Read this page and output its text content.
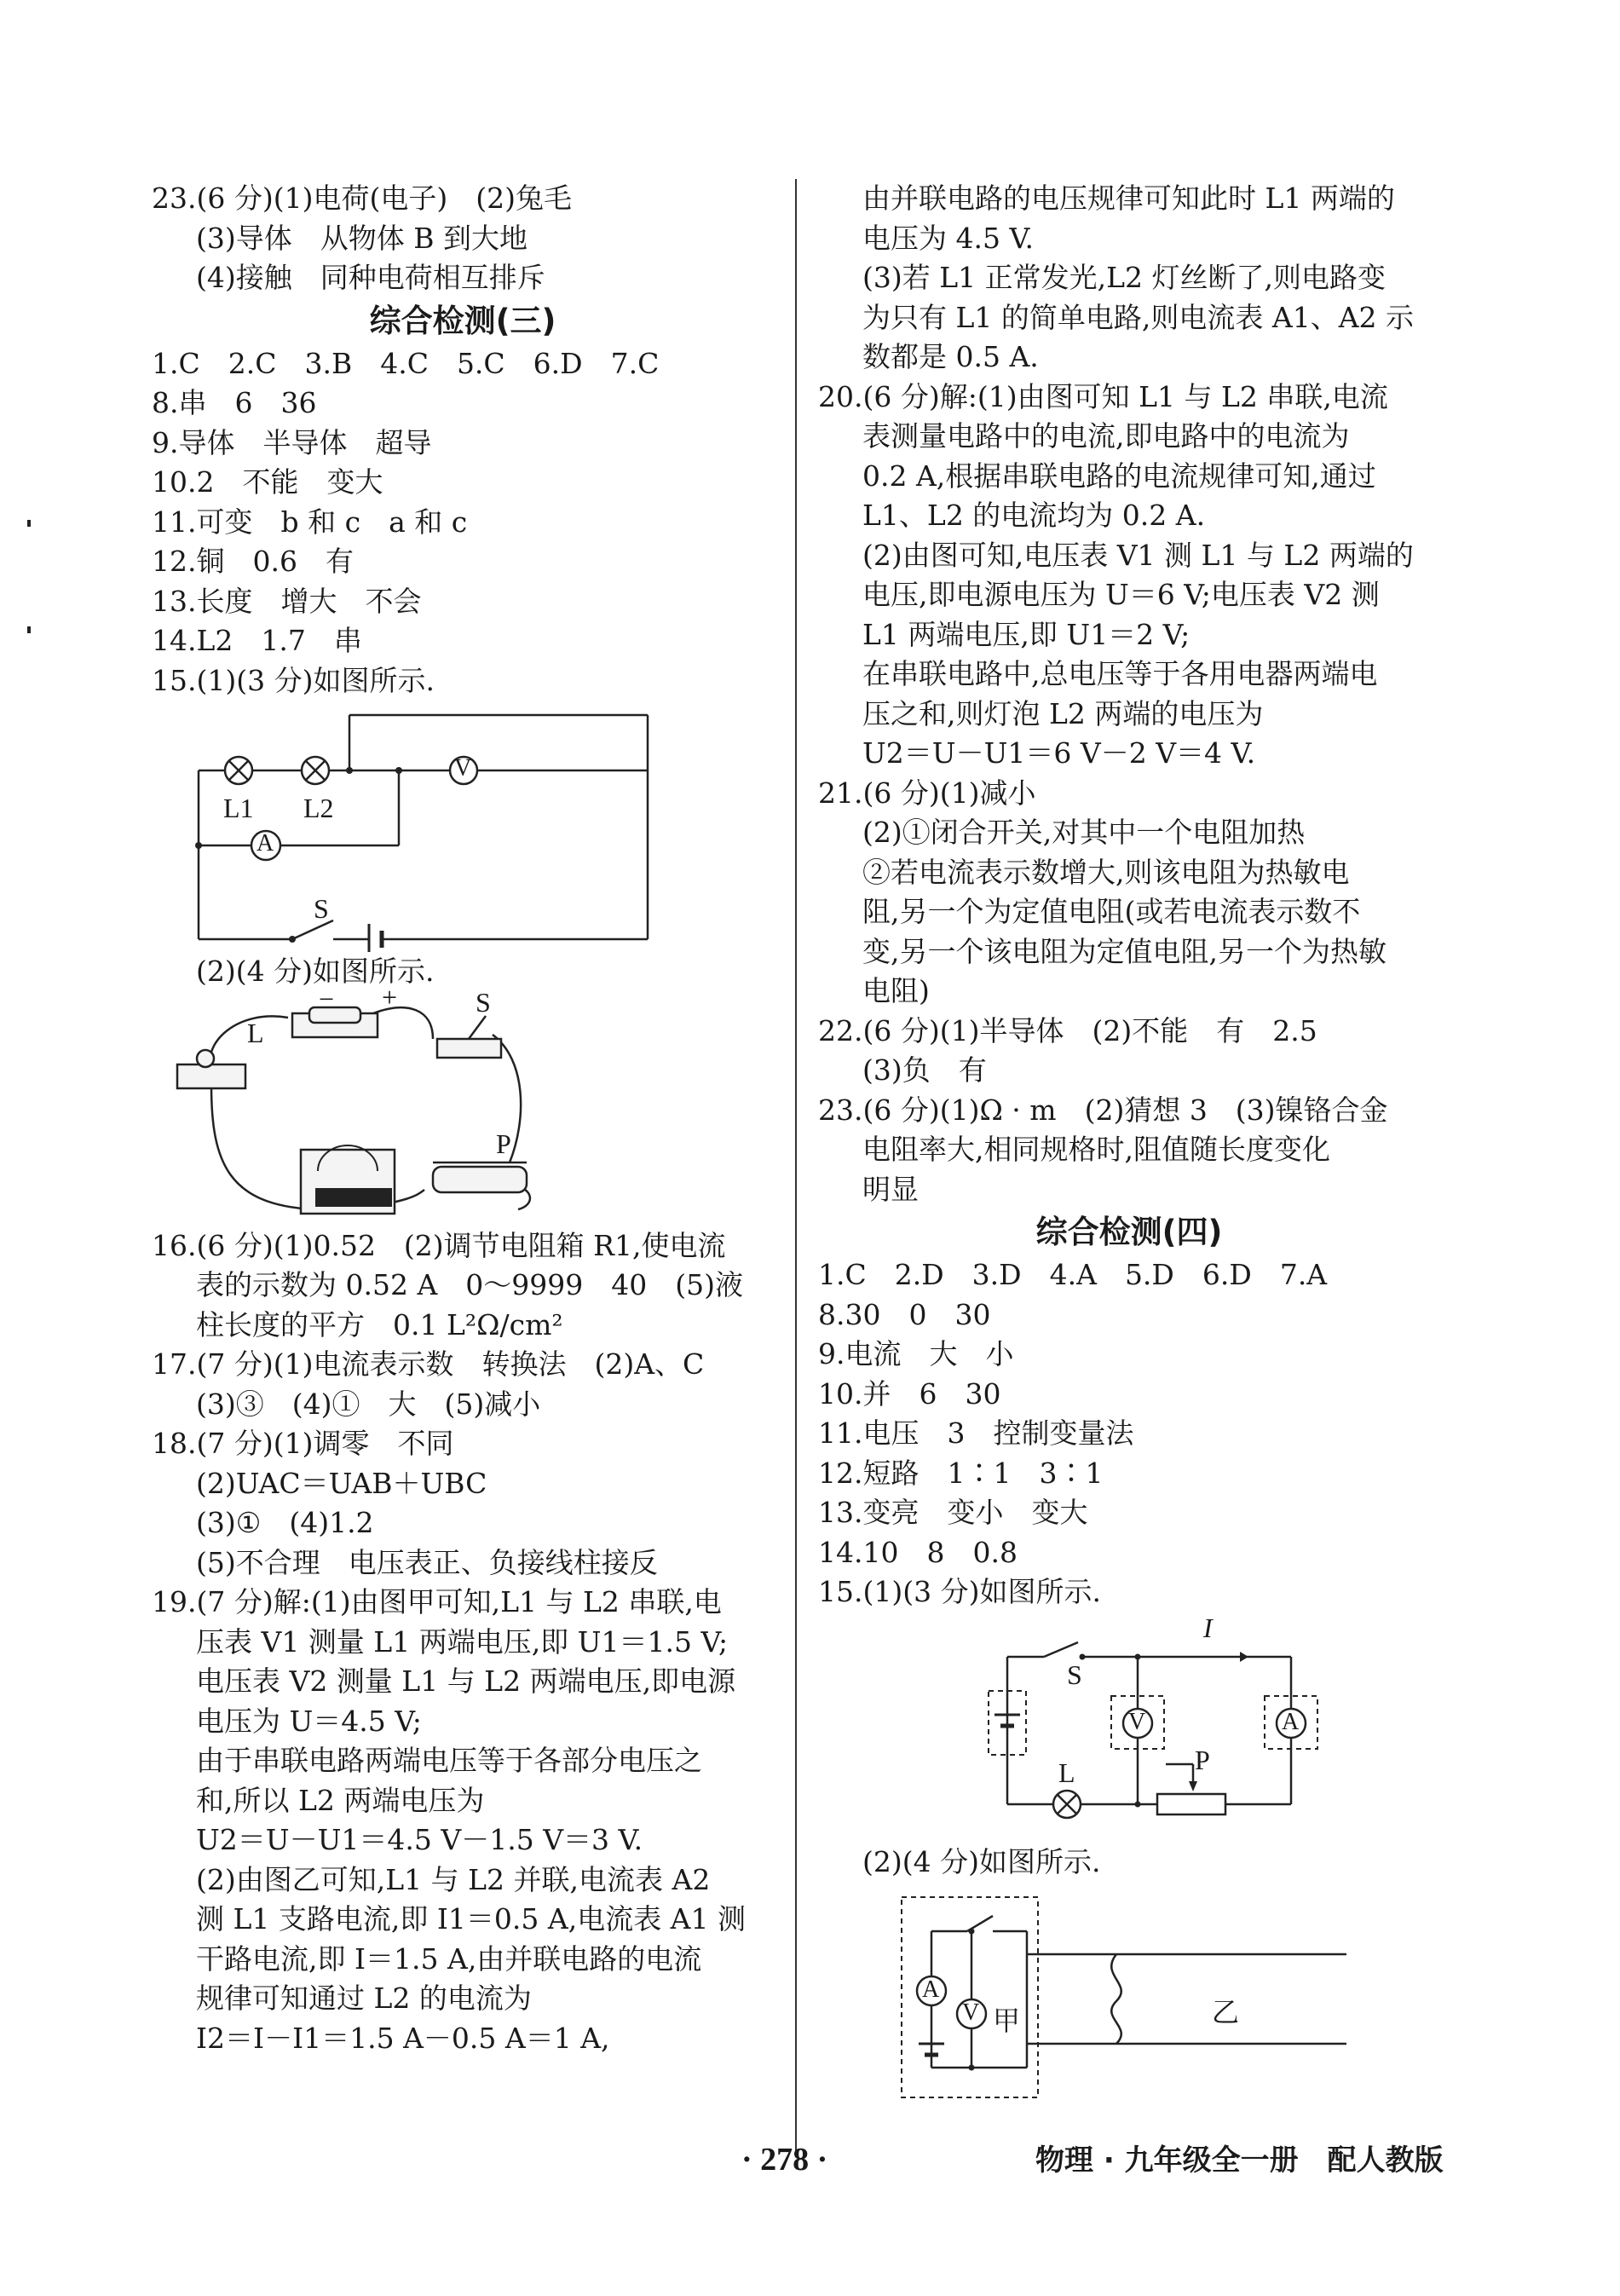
23.(6 分)(1)电荷(电子)　(2)兔毛
(3)导体　从物体 B 到大地
(4)接触　同种电荷相互排斥
综合检测(三)
1.C　2.C　3.B　4.C　5.C　6.D　7.C
8.串　6　36
9.导体　半导体　超导
10.2　不能　变大
11.可变　b 和 c　a 和 c
12.铜　0.6　有
13.长度　增大　不会
14.L2　1.7　串
15.(1)(3 分)如图所示.
L1 L2
V
A
S
(2)(4 分)如图所示.
− +	S
L
P
16.(6 分)(1)0.52　(2)调节电阻箱 R1,使电流
表的示数为 0.52 A　0～9999　40　(5)液
柱长度的平方　0.1 L²Ω/cm²
17.(7 分)(1)电流表示数　转换法　(2)A、C
(3)③　(4)①　大　(5)减小
18.(7 分)(1)调零　不同
(2)UAC＝UAB＋UBC
(3)①　(4)1.2
(5)不合理　电压表正、负接线柱接反
19.(7 分)解:(1)由图甲可知,L1 与 L2 串联,电
压表 V1 测量 L1 两端电压,即 U1＝1.5 V;
电压表 V2 测量 L1 与 L2 两端电压,即电源
电压为 U＝4.5 V;
由于串联电路两端电压等于各部分电压之
和,所以 L2 两端电压为
U2＝U－U1＝4.5 V－1.5 V＝3 V.
(2)由图乙可知,L1 与 L2 并联,电流表 A2
测 L1 支路电流,即 I1＝0.5 A,电流表 A1 测
干路电流,即 I＝1.5 A,由并联电路的电流
规律可知通过 L2 的电流为
I2＝I－I1＝1.5 A－0.5 A＝1 A,
由并联电路的电压规律可知此时 L1 两端的
电压为 4.5 V.
(3)若 L1 正常发光,L2 灯丝断了,则电路变
为只有 L1 的简单电路,则电流表 A1、A2 示
数都是 0.5 A.
20.(6 分)解:(1)由图可知 L1 与 L2 串联,电流
表测量电路中的电流,即电路中的电流为
0.2 A,根据串联电路的电流规律可知,通过
L1、L2 的电流均为 0.2 A.
(2)由图可知,电压表 V1 测 L1 与 L2 两端的
电压,即电源电压为 U＝6 V;电压表 V2 测
L1 两端电压,即 U1＝2 V;
在串联电路中,总电压等于各用电器两端电
压之和,则灯泡 L2 两端的电压为
U2＝U－U1＝6 V－2 V＝4 V.
21.(6 分)(1)减小
(2)①闭合开关,对其中一个电阻加热
②若电流表示数增大,则该电阻为热敏电
阻,另一个为定值电阻(或若电流表示数不
变,另一个该电阻为定值电阻,另一个为热敏
电阻)
22.(6 分)(1)半导体　(2)不能　有　2.5
(3)负　有
23.(6 分)(1)Ω · m　(2)猜想 3　(3)镍铬合金
电阻率大,相同规格时,阻值随长度变化
明显
综合检测(四)
1.C　2.D　3.D　4.A　5.D　6.D　7.A
8.30　0　30
9.电流　大　小
10.并　6　30
11.电压　3　控制变量法
12.短路　1∶1　3∶1
13.变亮　变小　变大
14.10　8　0.8
15.(1)(3 分)如图所示.
I
S
V	A
L	P
(2)(4 分)如图所示.
A
V 甲	乙
· 278 ·	物理 · 九年级全一册　配人教版
